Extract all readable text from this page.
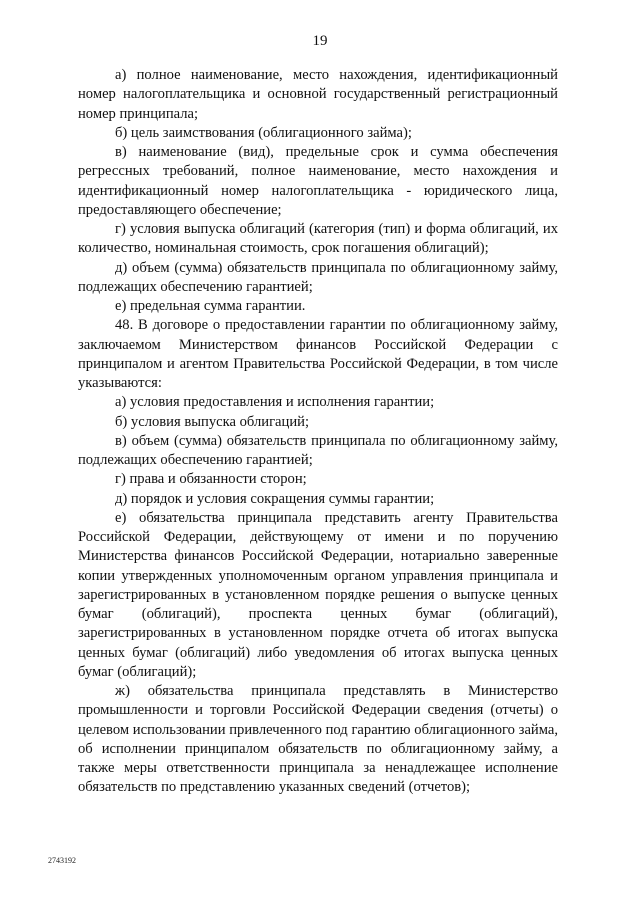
19

а) полное наименование, место нахождения, идентификационный номер налогоплательщика и основной государственный регистрационный номер принципала;

б) цель заимствования (облигационного займа);

в) наименование (вид), предельные срок и сумма обеспечения регрессных требований, полное наименование, место нахождения и идентификационный номер налогоплательщика - юридического лица, предоставляющего обеспечение;

г) условия выпуска облигаций (категория (тип) и форма облигаций, их количество, номинальная стоимость, срок погашения облигаций);

д) объем (сумма) обязательств принципала по облигационному займу, подлежащих обеспечению гарантией;

е) предельная сумма гарантии.

48. В договоре о предоставлении гарантии по облигационному займу, заключаемом Министерством финансов Российской Федерации с принципалом и агентом Правительства Российской Федерации, в том числе указываются:

а) условия предоставления и исполнения гарантии;

б) условия выпуска облигаций;

в) объем (сумма) обязательств принципала по облигационному займу, подлежащих обеспечению гарантией;

г) права и обязанности сторон;

д) порядок и условия сокращения суммы гарантии;

е) обязательства принципала представить агенту Правительства Российской Федерации, действующему от имени и по поручению Министерства финансов Российской Федерации, нотариально заверенные копии утвержденных уполномоченным органом управления принципала и зарегистрированных в установленном порядке решения о выпуске ценных бумаг (облигаций), проспекта ценных бумаг (облигаций), зарегистрированных в установленном порядке отчета об итогах выпуска ценных бумаг (облигаций) либо уведомления об итогах выпуска ценных бумаг (облигаций);

ж) обязательства принципала представлять в Министерство промышленности и торговли Российской Федерации сведения (отчеты) о целевом использовании привлеченного под гарантию облигационного займа, об исполнении принципалом обязательств по облигационному займу, а также меры ответственности принципала за ненадлежащее исполнение обязательств по представлению указанных сведений (отчетов);

2743192
